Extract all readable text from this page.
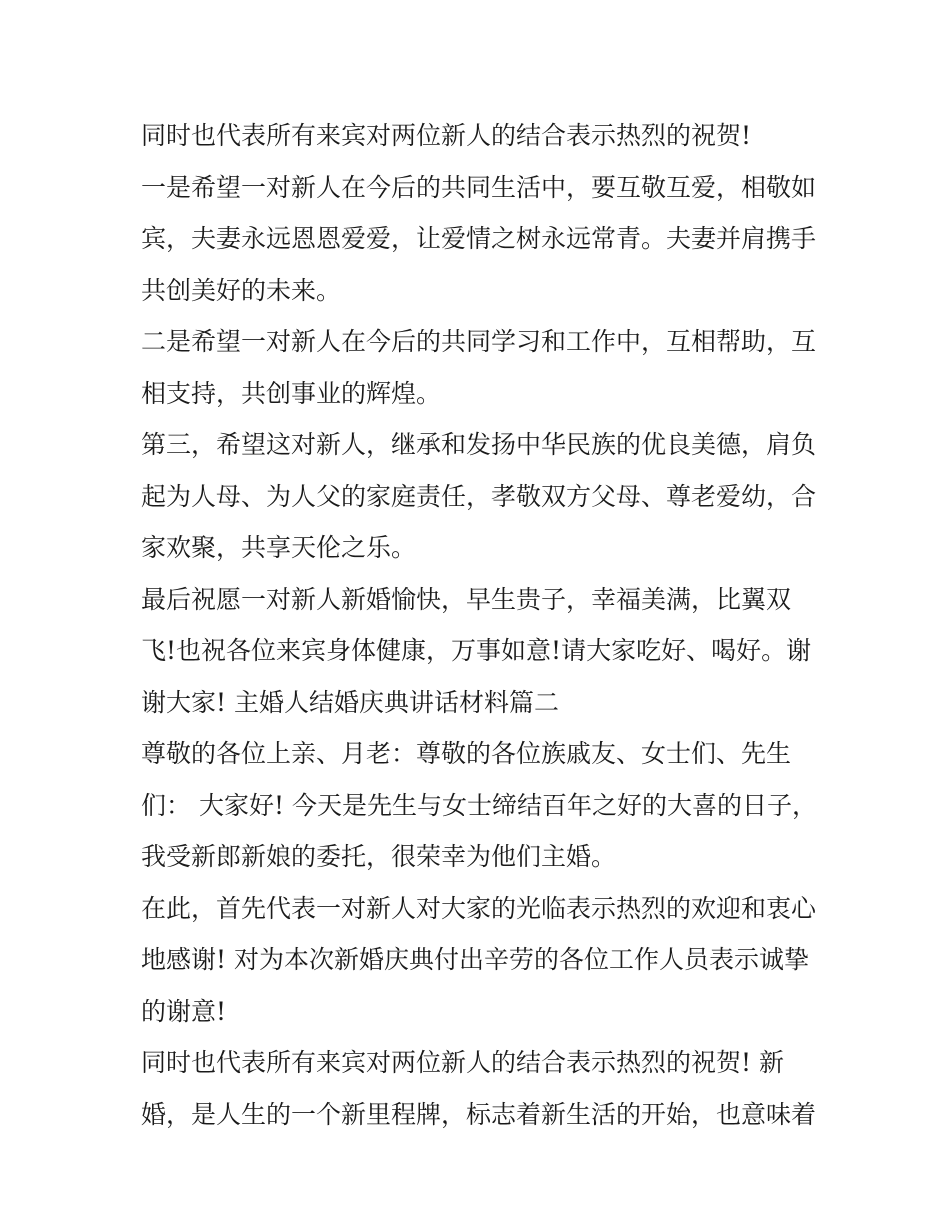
同时也代表所有来宾对两位新人的结合表示热烈的祝贺!

一是希望一对新人在今后的共同生活中，要互敬互爱，相敬如

宾，夫妻永远恩恩爱爱，让爱情之树永远常青。夫妻并肩携手

共创美好的未来。

二是希望一对新人在今后的共同学习和工作中，互相帮助，互

相支持，共创事业的辉煌。

第三，希望这对新人，继承和发扬中华民族的优良美德，肩负

起为人母、为人父的家庭责任，孝敬双方父母、尊老爱幼，合

家欢聚，共享天伦之乐。

最后祝愿一对新人新婚愉快，早生贵子，幸福美满，比翼双

飞!也祝各位来宾身体健康，万事如意!请大家吃好、喝好。谢

谢大家! 主婚人结婚庆典讲话材料篇二

尊敬的各位上亲、月老：尊敬的各位族戚友、女士们、先生

们： 大家好! 今天是先生与女士缔结百年之好的大喜的日子，

我受新郎新娘的委托，很荣幸为他们主婚。

在此，首先代表一对新人对大家的光临表示热烈的欢迎和衷心

地感谢! 对为本次新婚庆典付出辛劳的各位工作人员表示诚挚

的谢意!

同时也代表所有来宾对两位新人的结合表示热烈的祝贺! 新

婚，是人生的一个新里程牌，标志着新生活的开始，也意味着
